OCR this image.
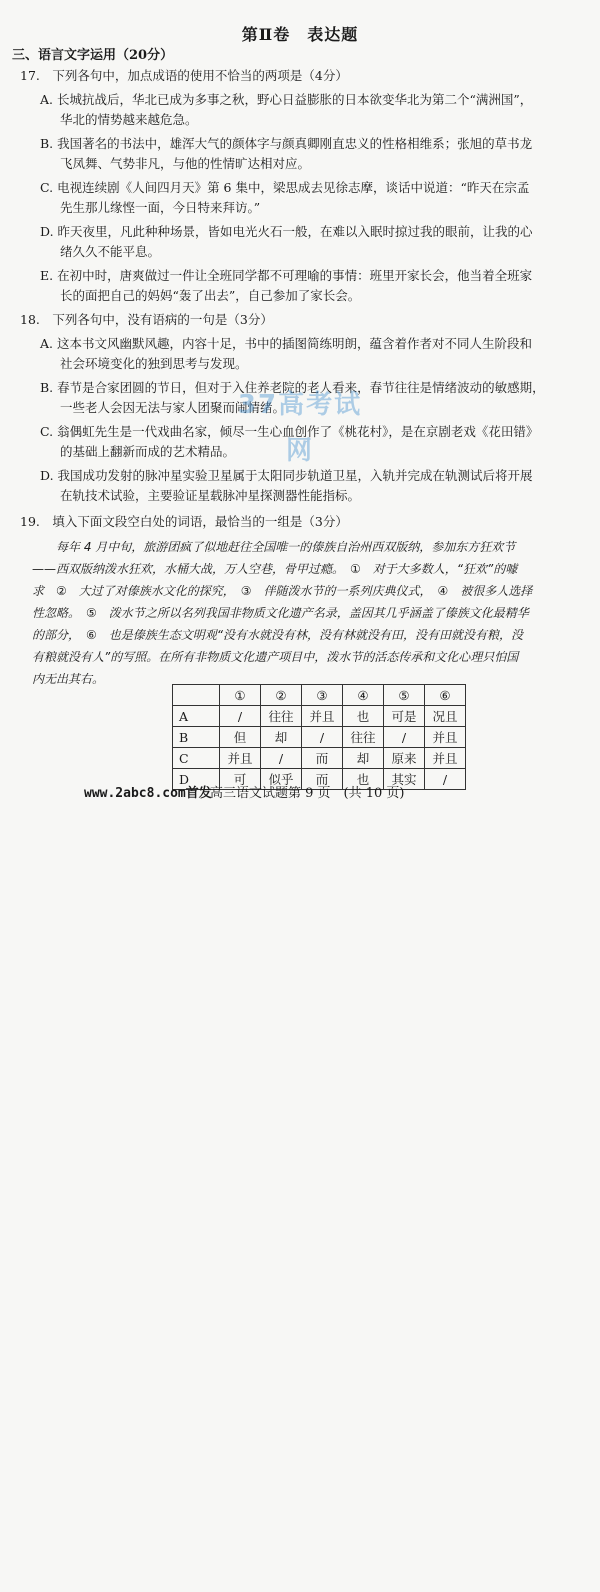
第Ⅱ卷　表达题
三、语言文字运用（20分）
17.　下列各句中，加点成语的使用不恰当的两项是（4分）
A. 长城抗战后，华北已成为多事之秋，野心日益膨胀的日本欲变华北为第二个“满洲国”，
华北的情势越来越危急。
B. 我国著名的书法中，雄浑大气的颜体字与颜真卿刚直忠义的性格相维系；张旭的草书龙
飞凤舞、气势非凡，与他的性情旷达相对应。
C. 电视连续剧《人间四月天》第 6 集中，梁思成去见徐志摩，谈话中说道：“昨天在宗孟
先生那儿缘悭一面，今日特来拜访。”
D. 昨天夜里，凡此种种场景，皆如电光火石一般，在难以入眠时掠过我的眼前，让我的心
绪久久不能平息。
E. 在初中时，唐爽做过一件让全班同学都不可理喻的事情：班里开家长会，他当着全班家
长的面把自己的妈妈“轰了出去”，自己参加了家长会。
18.　下列各句中，没有语病的一句是（3分）
A. 这本书文风幽默风趣，内容十足，书中的插图简练明朗，蕴含着作者对不同人生阶段和
社会环境变化的独到思考与发现。
B. 春节是合家团圆的节日，但对于入住养老院的老人看来，春节往往是情绪波动的敏感期，
一些老人会因无法与家人团聚而闹情绪。
37高考试网
C. 翁偶虹先生是一代戏曲名家，倾尽一生心血创作了《桃花村》，是在京剧老戏《花田错》
的基础上翻新而成的艺术精品。
D. 我国成功发射的脉冲星实验卫星属于太阳同步轨道卫星，入轨并完成在轨测试后将开展
在轨技术试验，主要验证星载脉冲星探测器性能指标。
19.　填入下面文段空白处的词语，最恰当的一组是（3分）
　　每年 4 月中旬，旅游团疯了似地赶往全国唯一的傣族自治州西双版纳，参加东方狂欢节
——西双版纳泼水狂欢，水桶大战，万人空巷，骨甲过瘾。　①　对于大多数人，“狂欢”的噱
求　②　大过了对傣族水文化的探究，　③　伴随泼水节的一系列庆典仪式，　④　被很多人选择
性忽略。　⑤　泼水节之所以名列我国非物质文化遗产名录，盖因其几乎涵盖了傣族文化最精华
的部分，　⑥　也是傣族生态文明观“没有水就没有林，没有林就没有田，没有田就没有粮，没
有粮就没有人”的写照。在所有非物质文化遗产项目中，泼水节的活态传承和文化心理只怕国
内无出其右。
	①	②	③	④	⑤	⑥
A	/	往往	并且	也	可是	况且
B	但	却	/	往往	/	并且
C	并且	/	而	却	原来	并且
D	可	似乎	而	也	其实	/
www.2abc8.com首发
高三语文试题第 9 页　(共 10 页)
